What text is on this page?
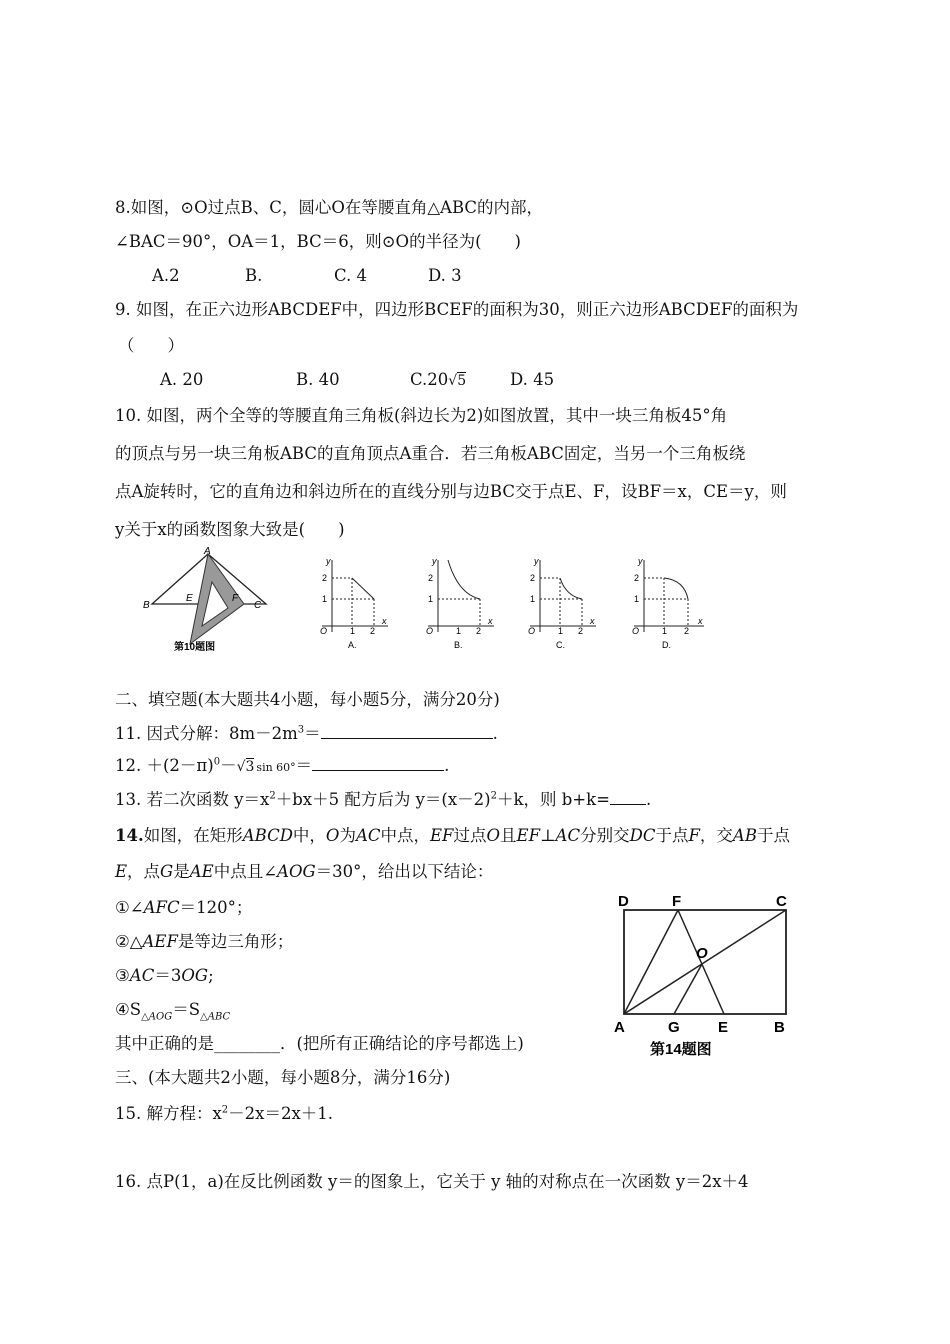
8.如图，⊙O过点B、C，圆心O在等腰直角△ABC的内部，
∠BAC＝90°，OA＝1，BC＝6，则⊙O的半径为(　　)
A.2	B.	C. 4	D. 3
9. 如图，在正六边形ABCDEF中，四边形BCEF的面积为30，则正六边形ABCDEF的面积为
（　　）
A. 20	B. 40	C.20√5	D. 45
10. 如图，两个全等的等腰直角三角板(斜边长为2)如图放置，其中一块三角板45°角
的顶点与另一块三角板ABC的直角顶点A重合．若三角板ABC固定，当另一个三角板绕
点A旋转时，它的直角边和斜边所在的直线分别与边BC交于点E、F，设BF＝x，CE＝y，则
y关于x的函数图象大致是(　　)
A
B
E	F
C
第10题图
y
x
O
2
1
1 2
A.
y
x
O
2
1
1 2
B.
y
x
O
2
1
1 2
C.
y
x
O
2
1
1 2
D.
二、填空题(本大题共4小题，每小题5分，满分20分)
11. 因式分解：$8m-2m^3=$	.
12. $+(2-\pi)^0-√3$ sin 60°＝	.
13. 若二次函数 $y=x^2+bx+5$ 配方后为 $y=(x-2)^2+k$，则 b+k= .
14.如图，在矩形ABCD中，O为AC中点，EF过点O且EF⊥AC分别交DC于点F，交AB于点
E，点G是AE中点且∠AOG＝30°，给出以下结论：
①∠AFC＝120°；
②△AEF是等边三角形；
③AC＝3OG;
$④S_{\triangle AOG}=S_{\triangle ABC}$
其中正确的是________．(把所有正确结论的序号都选上)
D	F	C
O
A	G	E	B
第14题图
三、(本大题共2小题，每小题8分，满分16分)
15. 解方程：$x^2-2x=2x+1$.
16. 点P(1，a)在反比例函数 y＝的图象上，它关于 y 轴的对称点在一次函数 y＝2x＋4
